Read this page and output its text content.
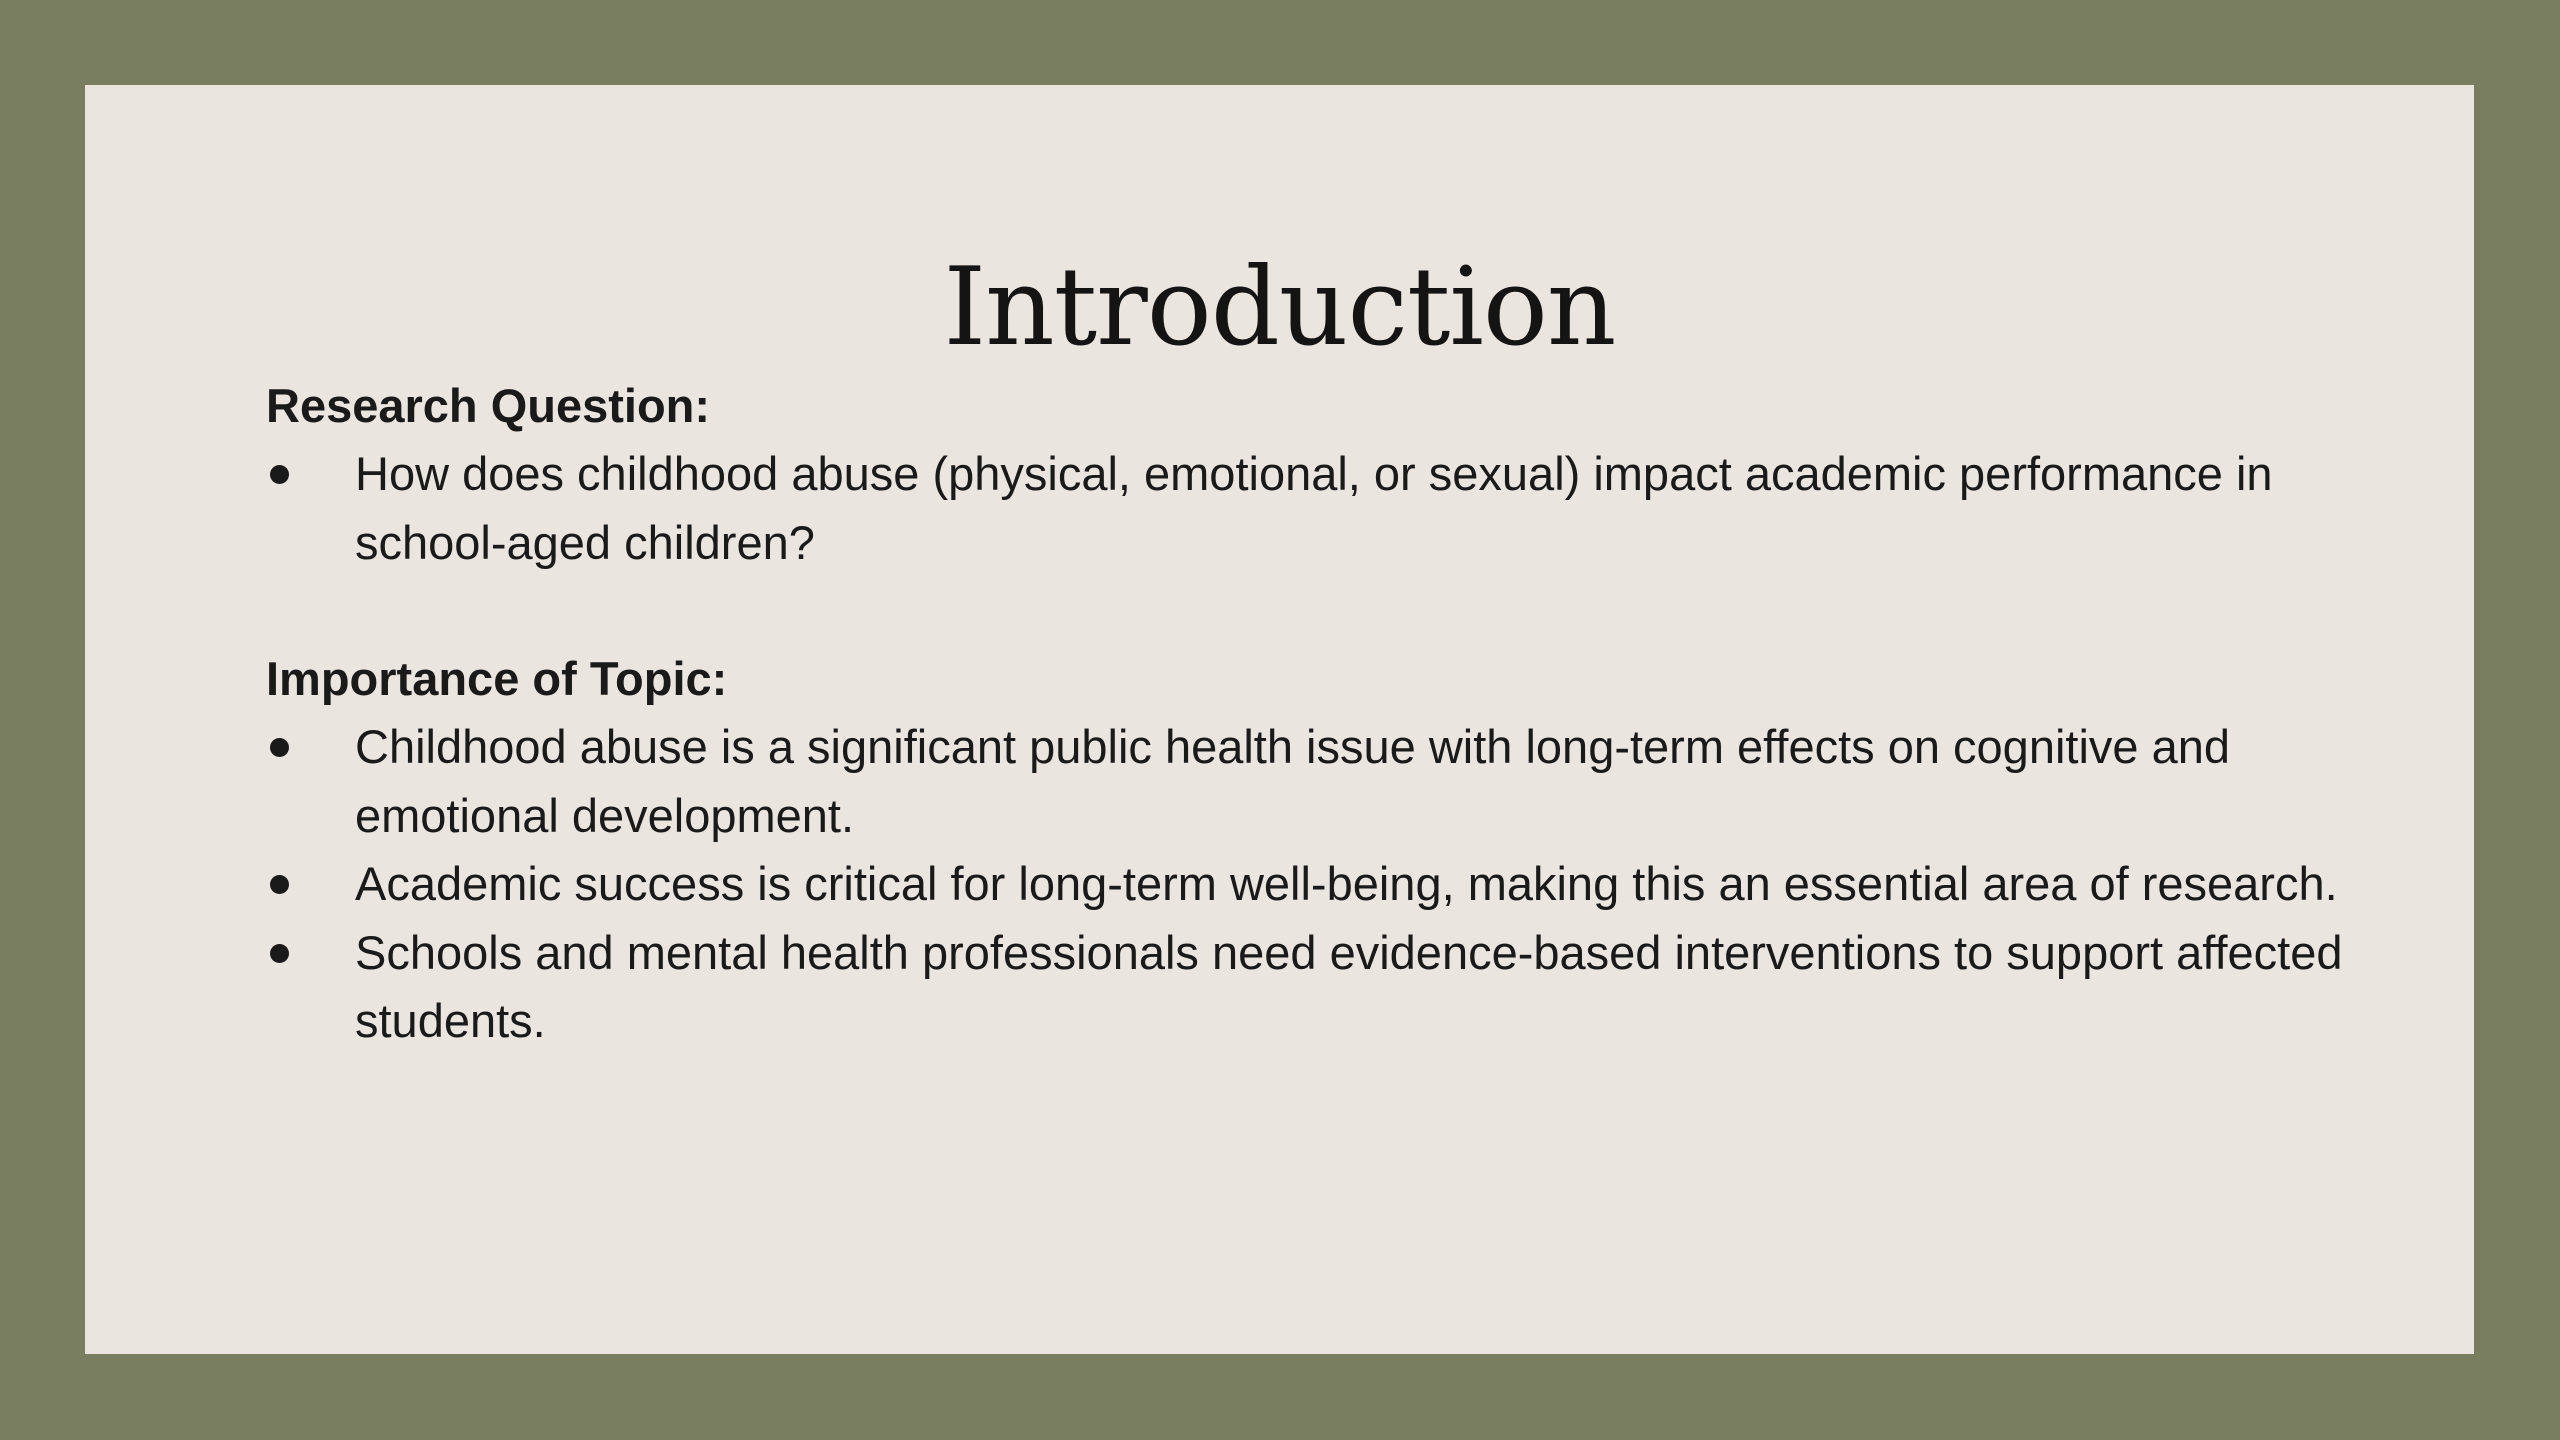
Introduction
Research Question:
How does childhood abuse (physical, emotional, or sexual) impact academic performance in school-aged children?
Importance of Topic:
Childhood abuse is a significant public health issue with long-term effects on cognitive and emotional development.
Academic success is critical for long-term well-being, making this an essential area of research.
Schools and mental health professionals need evidence-based interventions to support affected students.
